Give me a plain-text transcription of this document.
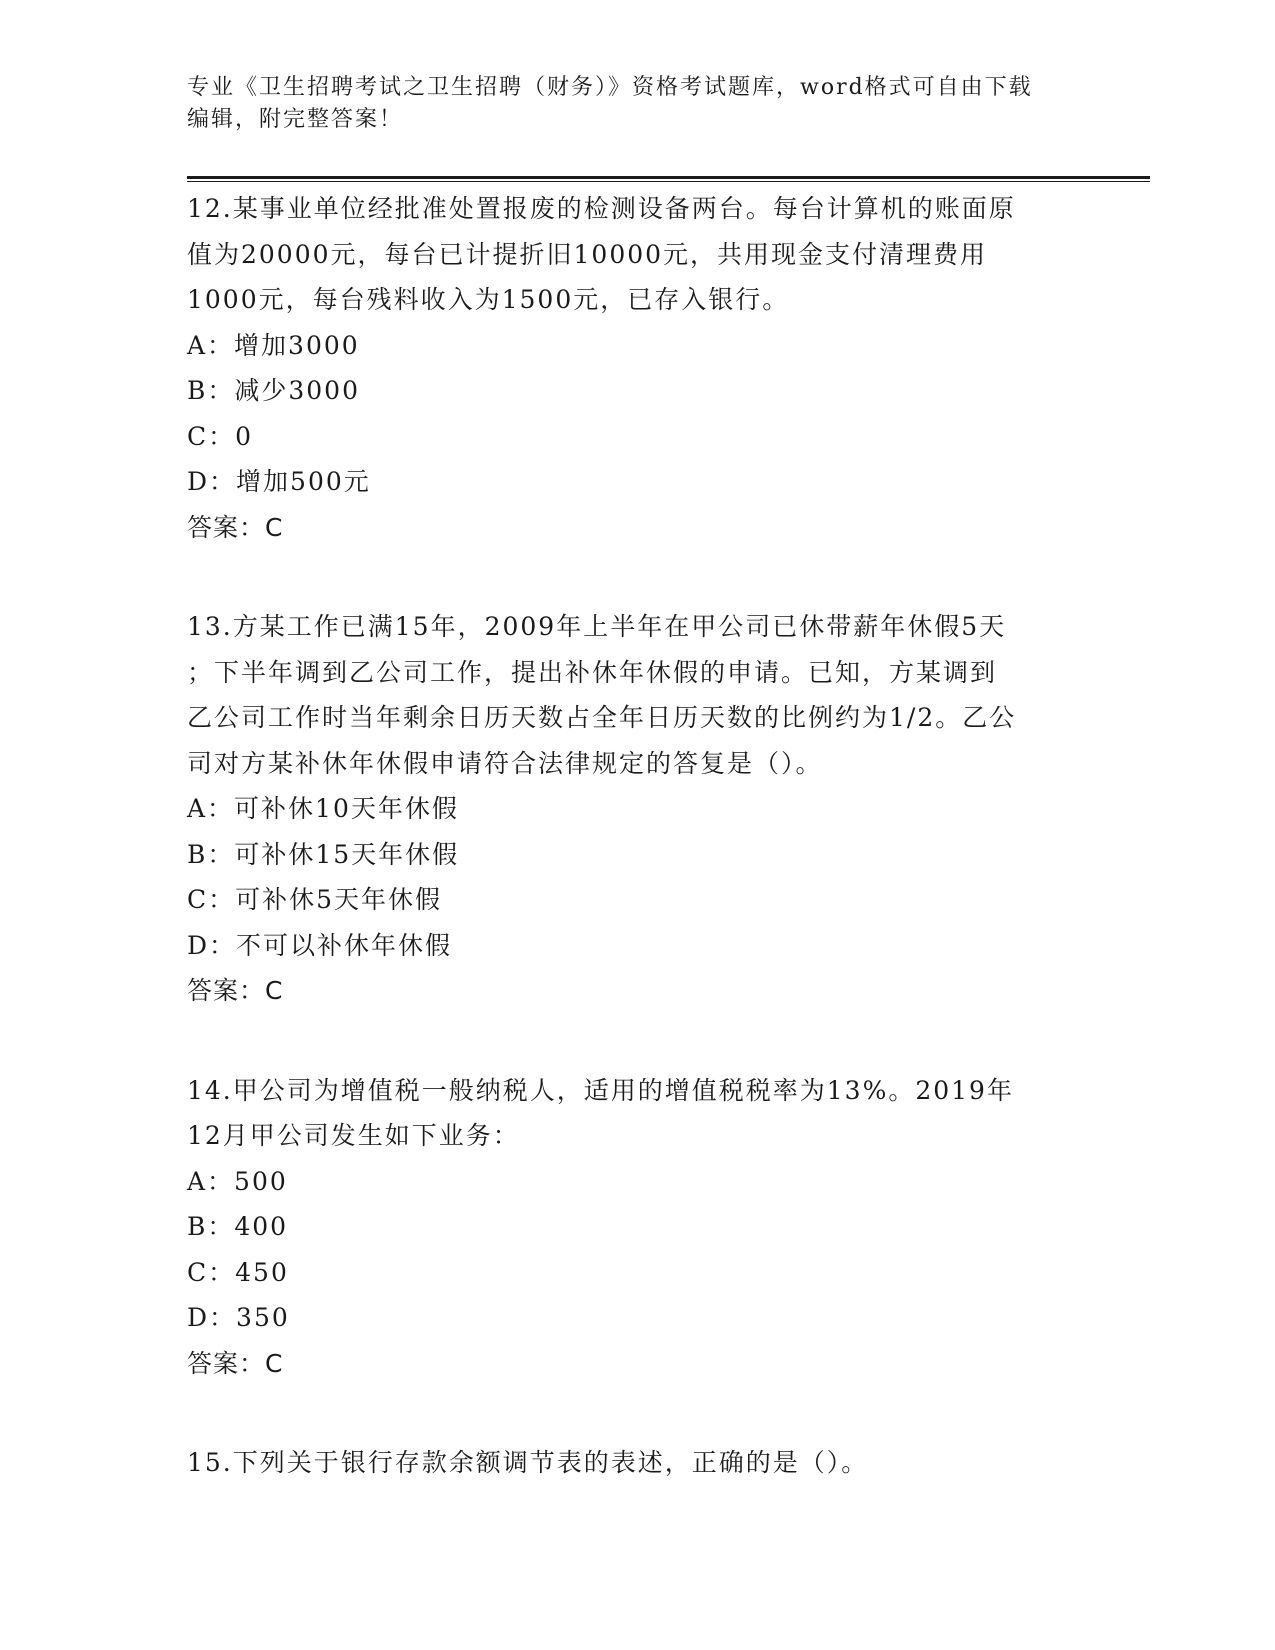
专业《卫生招聘考试之卫生招聘（财务）》资格考试题库，word格式可自由下载
编辑，附完整答案！

12.某事业单位经批准处置报废的检测设备两台。每台计算机的账面原

值为20000元，每台已计提折旧10000元，共用现金支付清理费用

1000元，每台残料收入为1500元，已存入银行。

A：增加3000

B：减少3000

C：0

D：增加500元

答案：C

13.方某工作已满15年，2009年上半年在甲公司已休带薪年休假5天

；下半年调到乙公司工作，提出补休年休假的申请。已知，方某调到

乙公司工作时当年剩余日历天数占全年日历天数的比例约为1/2。乙公

司对方某补休年休假申请符合法律规定的答复是（）。

A：可补休10天年休假

B：可补休15天年休假

C：可补休5天年休假

D：不可以补休年休假

答案：C

14.甲公司为增值税一般纳税人，适用的增值税税率为13%。2019年

12月甲公司发生如下业务：

A：500

B：400

C：450

D：350

答案：C

15.下列关于银行存款余额调节表的表述，正确的是（）。
